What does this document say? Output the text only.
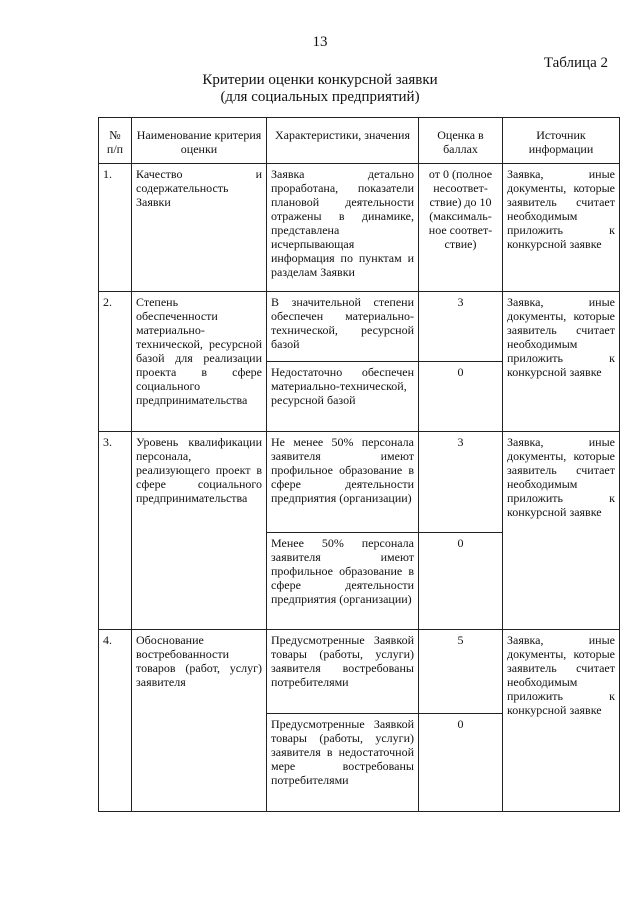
13
Таблица 2
Критерии оценки конкурсной заявки
(для социальных предприятий)
№ п/п	Наименование критерия оценки	Характеристики, значения	Оценка в баллах	Источник информации
1.	Качество и содержательность Заявки	Заявка детально проработана, показатели плановой деятельности отражены в динамике, представлена исчерпывающая информация по пунктам и разделам Заявки	от 0 (полное несоответ-ствие) до 10 (максималь-ное соответ-ствие)	Заявка, иные документы, которые заявитель считает необходимым приложить к конкурсной заявке
2.	Степень обеспеченности материально-технической, ресурсной базой для реализации проекта в сфере социального предпринимательства	В значительной степени обеспечен материально-технической, ресурсной базой	3	Заявка, иные документы, которые заявитель считает необходимым приложить к конкурсной заявке
		Недостаточно обеспечен материально-технической, ресурсной базой	0	
3.	Уровень квалификации персонала, реализующего проект в сфере социального предпринимательства	Не менее 50% персонала заявителя имеют профильное образование в сфере деятельности предприятия (организации)	3	Заявка, иные документы, которые заявитель считает необходимым приложить к конкурсной заявке
		Менее 50% персонала заявителя имеют профильное образование в сфере деятельности предприятия (организации)	0	
4.	Обоснование востребованности товаров (работ, услуг) заявителя	Предусмотренные Заявкой товары (работы, услуги) заявителя востребованы потребителями	5	Заявка, иные документы, которые заявитель считает необходимым приложить к конкурсной заявке
		Предусмотренные Заявкой товары (работы, услуги) заявителя в недостаточной мере востребованы потребителями	0	
